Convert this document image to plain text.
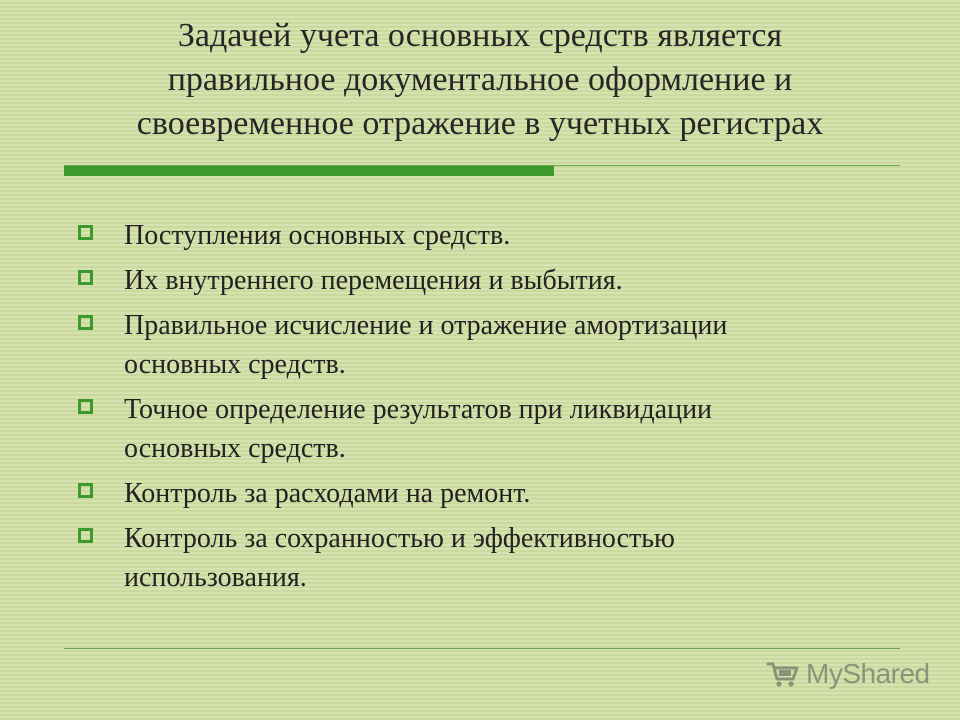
Задачей учета основных средств является
правильное документальное оформление и
своевременное отражение в учетных регистрах
Поступления основных средств.
Их внутреннего перемещения и выбытия.
Правильное исчисление и отражение амортизации
основных средств.
Точное определение результатов при ликвидации
основных средств.
Контроль за расходами на ремонт.
Контроль за сохранностью и эффективностью
использования.
MyShared
